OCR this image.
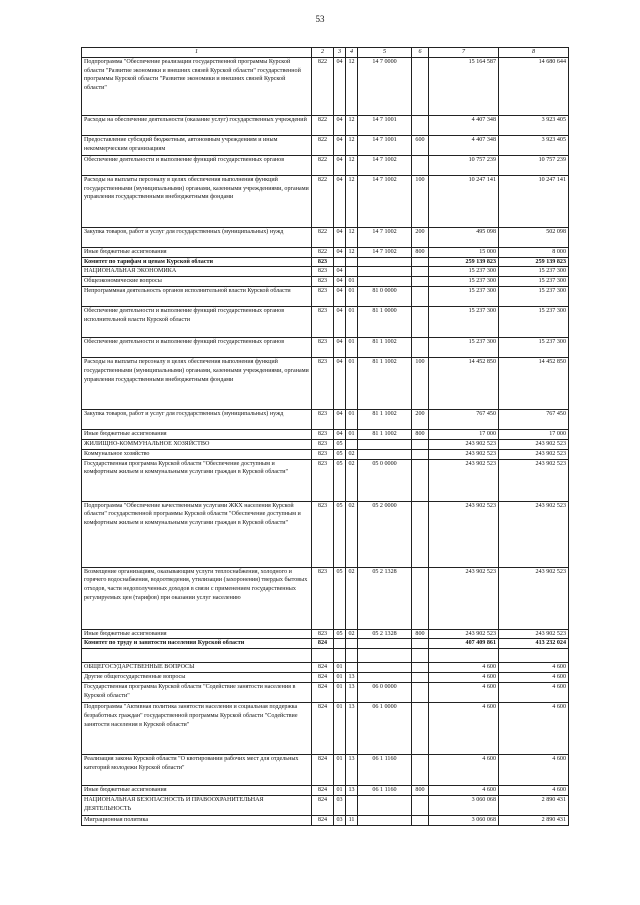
53
1	2	3	4	5	6	7	8
Подпрограмма "Обеспечение реализации государственной программы Курской области "Развитие экономики и внешних связей Курской области" государственной программы Курской области "Развитие экономики и внешних связей Курской области"	822	04	12	14 7 0000		15 164 587	14 680 644
Расходы на обеспечение деятельности (оказание услуг) государственных учреждений	822	04	12	14 7 1001		4 407 348	3 923 405
Предоставление субсидий бюджетным, автономным учреждениям и иным некоммерческим организациям	822	04	12	14 7 1001	600	4 407 348	3 923 405
Обеспечение деятельности и выполнение функций государственных органов	822	04	12	14 7 1002		10 757 239	10 757 239
Расходы на выплаты персоналу в целях обеспечения выполнения функций государственными (муниципальными) органами, казенными учреждениями, органами управления государственными внебюджетными фондами	822	04	12	14 7 1002	100	10 247 141	10 247 141
Закупка товаров, работ и услуг для государственных (муниципальных) нужд	822	04	12	14 7 1002	200	495 098	502 098
Иные бюджетные ассигнования	822	04	12	14 7 1002	800	15 000	8 000
Комитет по тарифам и ценам Курской области	823					259 139 823	259 139 823
НАЦИОНАЛЬНАЯ ЭКОНОМИКА	823	04				15 237 300	15 237 300
Общеэкономические вопросы	823	04	01			15 237 300	15 237 300
Непрограммная деятельность органов исполнительной власти Курской области	823	04	01	81 0 0000		15 237 300	15 237 300
Обеспечение деятельности и выполнение функций государственных органов исполнительной власти Курской области	823	04	01	81 1 0000		15 237 300	15 237 300
Обеспечение деятельности и выполнение функций государственных органов	823	04	01	81 1 1002		15 237 300	15 237 300
Расходы на выплаты персоналу в целях обеспечения выполнения функций государственными (муниципальными) органами, казенными учреждениями, органами управления государственными внебюджетными фондами	823	04	01	81 1 1002	100	14 452 850	14 452 850
Закупка товаров, работ и услуг для государственных (муниципальных) нужд	823	04	01	81 1 1002	200	767 450	767 450
Иные бюджетные ассигнования	823	04	01	81 1 1002	800	17 000	17 000
ЖИЛИЩНО-КОММУНАЛЬНОЕ ХОЗЯЙСТВО	823	05				243 902 523	243 902 523
Коммунальное хозяйство	823	05	02			243 902 523	243 902 523
Государственная программа Курской области "Обеспечение доступным и комфортным жильем и коммунальными услугами граждан в Курской области"	823	05	02	05 0 0000		243 902 523	243 902 523
Подпрограмма "Обеспечение качественными услугами ЖКХ населения Курской области" государственной программы Курской области "Обеспечение доступным и комфортным жильем и коммунальными услугами граждан в Курской области"	823	05	02	05 2 0000		243 902 523	243 902 523
Возмещение организациям, оказывающим услуги теплоснабжения, холодного и горячего водоснабжения, водоотведения, утилизации (захоронения) твердых бытовых отходов, части недополученных доходов в связи с применением государственных регулируемых цен (тарифов) при оказании услуг населению	823	05	02	05 2 1328		243 902 523	243 902 523
Иные бюджетные ассигнования	823	05	02	05 2 1328	800	243 902 523	243 902 523
Комитет по труду и занятости населения Курской области	824					407 409 861	413 232 024

ОБЩЕГОСУДАРСТВЕННЫЕ ВОПРОСЫ	824	01				4 600	4 600
Другие общегосударственные вопросы	824	01	13			4 600	4 600
Государственная программа Курской области "Содействие занятости населения в Курской области"	824	01	13	06 0 0000		4 600	4 600
Подпрограмма "Активная политика занятости населения и социальная поддержка безработных граждан" государственной программы Курской области "Содействие занятости населения в Курской области"	824	01	13	06 1 0000		4 600	4 600
Реализация закона Курской области "О квотировании рабочих мест для отдельных категорий молодежи Курской области"	824	01	13	06 1 1160		4 600	4 600
Иные бюджетные ассигнования	824	01	13	06 1 1160	800	4 600	4 600
НАЦИОНАЛЬНАЯ БЕЗОПАСНОСТЬ И ПРАВООХРАНИТЕЛЬНАЯ ДЕЯТЕЛЬНОСТЬ	824	03				3 060 068	2 890 431
Миграционная политика	824	03	11			3 060 068	2 890 431
